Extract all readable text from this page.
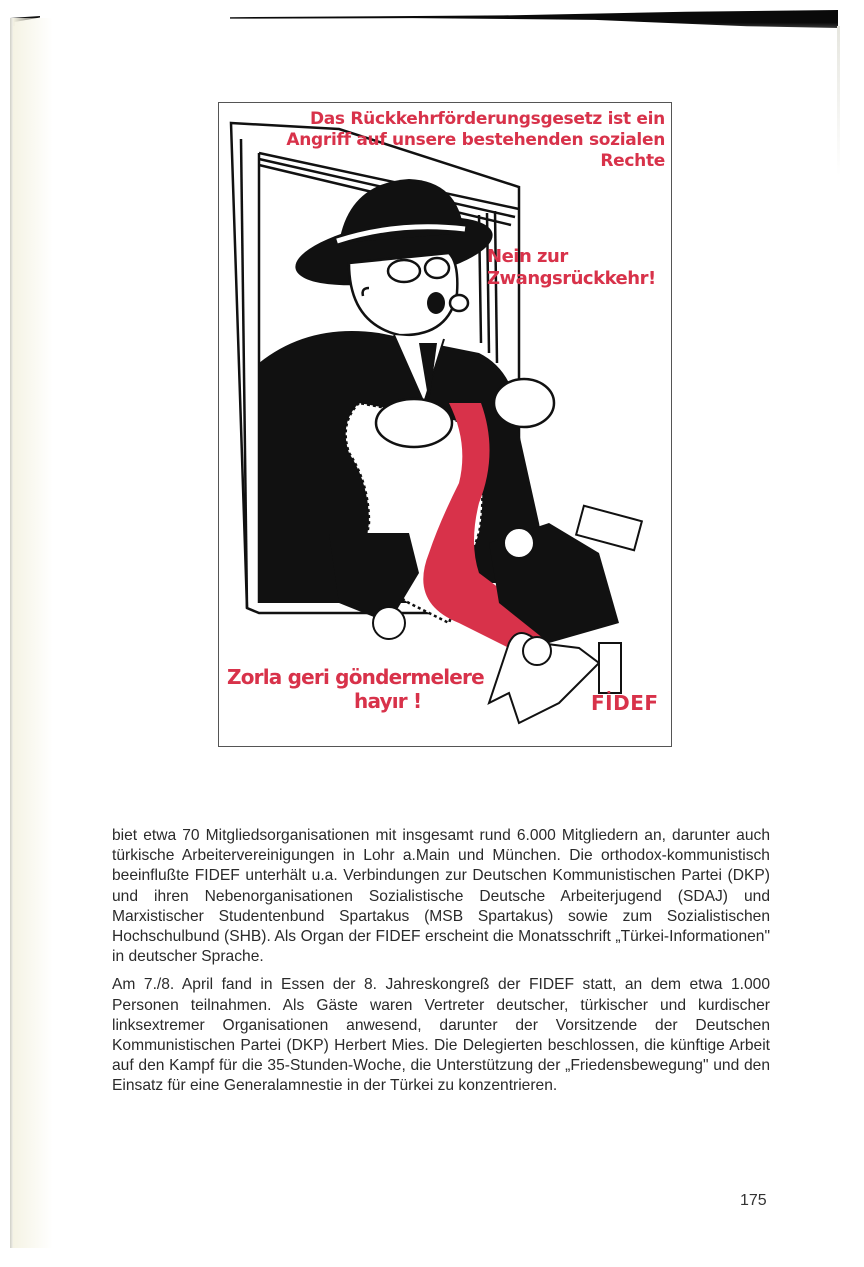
Das Rückkehrförderungsgesetz ist ein Angriff auf unsere bestehenden sozialen Rechte
Nein zur
Zwangsrückkehr!
Zorla geri göndermelere
hayır !	FİDEF

biet etwa 70 Mitgliedsorganisationen mit insgesamt rund 6.000 Mitgliedern an, darunter auch türkische Arbeitervereinigungen in Lohr a.Main und München. Die orthodox-kommunistisch beeinflußte FIDEF unterhält u.a. Verbindungen zur Deutschen Kommunistischen Partei (DKP) und ihren Nebenorganisationen Sozialistische Deutsche Arbeiterjugend (SDAJ) und Marxistischer Studentenbund Spartakus (MSB Spartakus) sowie zum Sozialistischen Hochschulbund (SHB). Als Organ der FIDEF erscheint die Monatsschrift „Türkei-Informationen" in deutscher Sprache.

Am 7./8. April fand in Essen der 8. Jahreskongreß der FIDEF statt, an dem etwa 1.000 Personen teilnahmen. Als Gäste waren Vertreter deutscher, türkischer und kurdischer linksextremer Organisationen anwesend, darunter der Vorsitzende der Deutschen Kommunistischen Partei (DKP) Herbert Mies. Die Delegierten beschlossen, die künftige Arbeit auf den Kampf für die 35-Stunden-Woche, die Unterstützung der „Friedensbewegung" und den Einsatz für eine Generalamnestie in der Türkei zu konzentrieren.

175
